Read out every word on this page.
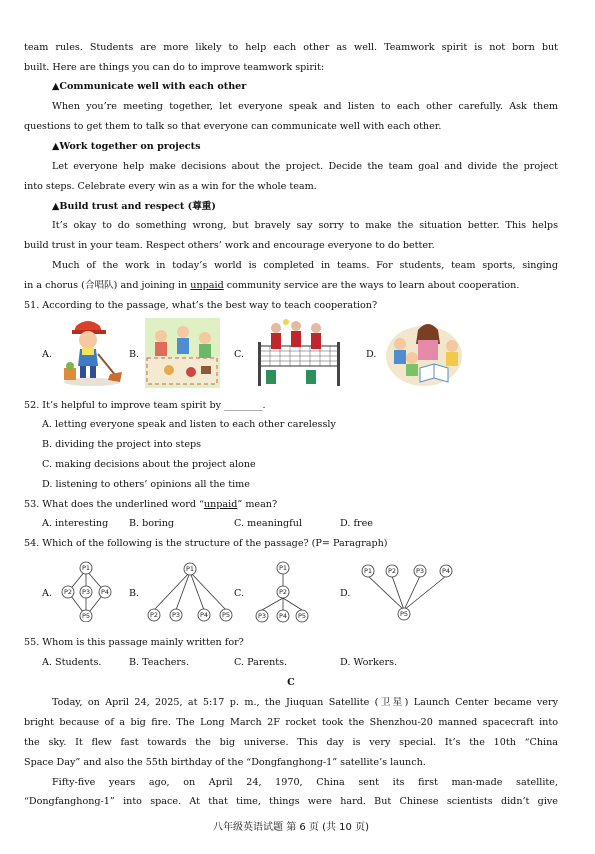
team rules. Students are more likely to help each other as well. Teamwork spirit is not born but
built. Here are things you can do to improve teamwork spirit:
▲Communicate well with each other
When you’re meeting together, let everyone speak and listen to each other carefully. Ask them
questions to get them to talk so that everyone can communicate well with each other.
▲Work together on projects
Let everyone help make decisions about the project. Decide the team goal and divide the project
into steps. Celebrate every win as a win for the whole team.
▲Build trust and respect (尊重)
It’s okay to do something wrong, but bravely say sorry to make the situation better. This helps
build trust in your team. Respect others’ work and encourage everyone to do better.
Much of the work in today’s world is completed in teams. For students, team sports, singing
in a chorus (合唱队) and joining in unpaid community service are the ways to learn about cooperation.
51. According to the passage, what’s the best way to teach cooperation?
A.	B.	C.	D.
52. It’s helpful to improve team spirit by ________.
A. letting everyone speak and listen to each other carelessly
B. dividing the project into steps
C. making decisions about the project alone
D. listening to others’ opinions all the time
53. What does the underlined word “unpaid” mean?
A. interesting B. boring	C. meaningful	D. free
54. Which of the following is the structure of the passage? (P= Paragraph)
A.	B.	C.	D.
P1
P2 P3 P4
P5
P1
P2 P3	P4 P5
P1
P2
P3 P4 P5
P1 P2	P3	P4
P5
55. Whom is this passage mainly written for?
A. Students.	B. Teachers.	C. Parents.	D. Workers.
C
Today, on April 24, 2025, at 5:17 p. m., the Jiuquan Satellite (卫星) Launch Center became very
bright because of a big fire. The Long March 2F rocket took the Shenzhou-20 manned spacecraft into
the sky. It flew fast towards the big universe. This day is very special. It’s the 10th “China
Space Day” and also the 55th birthday of the “Dongfanghong-1” satellite’s launch.
Fifty-five years ago, on April 24, 1970, China sent its first man-made satellite,
“Dongfanghong-1” into space. At that time, things were hard. But Chinese scientists didn’t give
八年级英语试题 第 6 页 (共 10 页)
